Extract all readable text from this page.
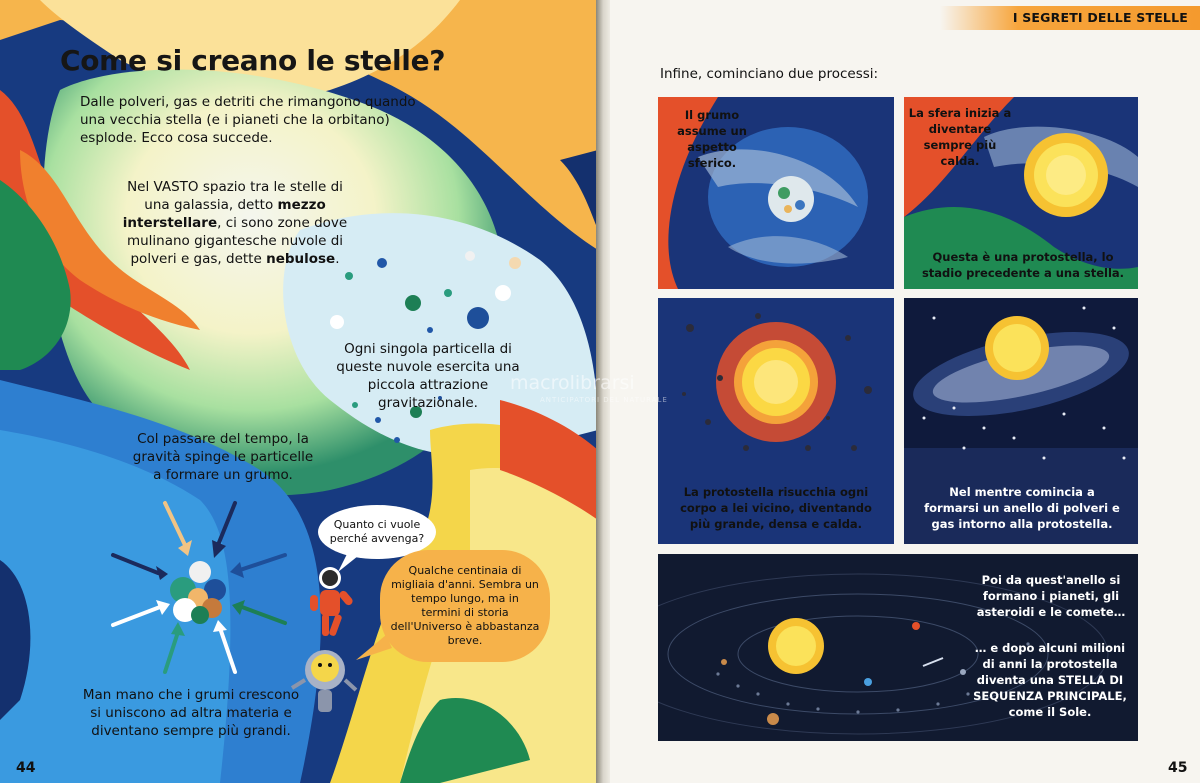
Come si creano le stelle?

Dalle polveri, gas e detriti che rimangono quando una vecchia stella (e i pianeti che la orbitano) esplode. Ecco cosa succede.

Nel VASTO spazio tra le stelle di una galassia, detto mezzo interstellare, ci sono zone dove mulinano gigantesche nuvole di polveri e gas, dette nebulose.

Ogni singola particella di queste nuvole esercita una piccola attrazione gravitazionale.

Col passare del tempo, la gravità spinge le particelle a formare un grumo.

Man mano che i grumi crescono si uniscono ad altra materia e diventano sempre più grandi.

Quanto ci vuole perché avvenga?
Qualche centinaia di migliaia d'anni. Sembra un tempo lungo, ma in termini di storia dell'Universo è abbastanza breve.
44
I SEGRETI DELLE STELLE
Infine, cominciano due processi:
Il grumo assume un aspetto sferico.
La sfera inizia a diventare sempre più calda.
Questa è una protostella, lo stadio precedente a una stella.
La protostella risucchia ogni corpo a lei vicino, diventando più grande, densa e calda.
Nel mentre comincia a formarsi un anello di polveri e gas intorno alla protostella.
Poi da quest'anello si formano i pianeti, gli asteroidi e le comete…
… e dopo alcuni milioni di anni la protostella diventa una STELLA DI SEQUENZA PRINCIPALE, come il Sole.
45
macrolibrarsi
ANTICIPATORI DEL NATURALE
